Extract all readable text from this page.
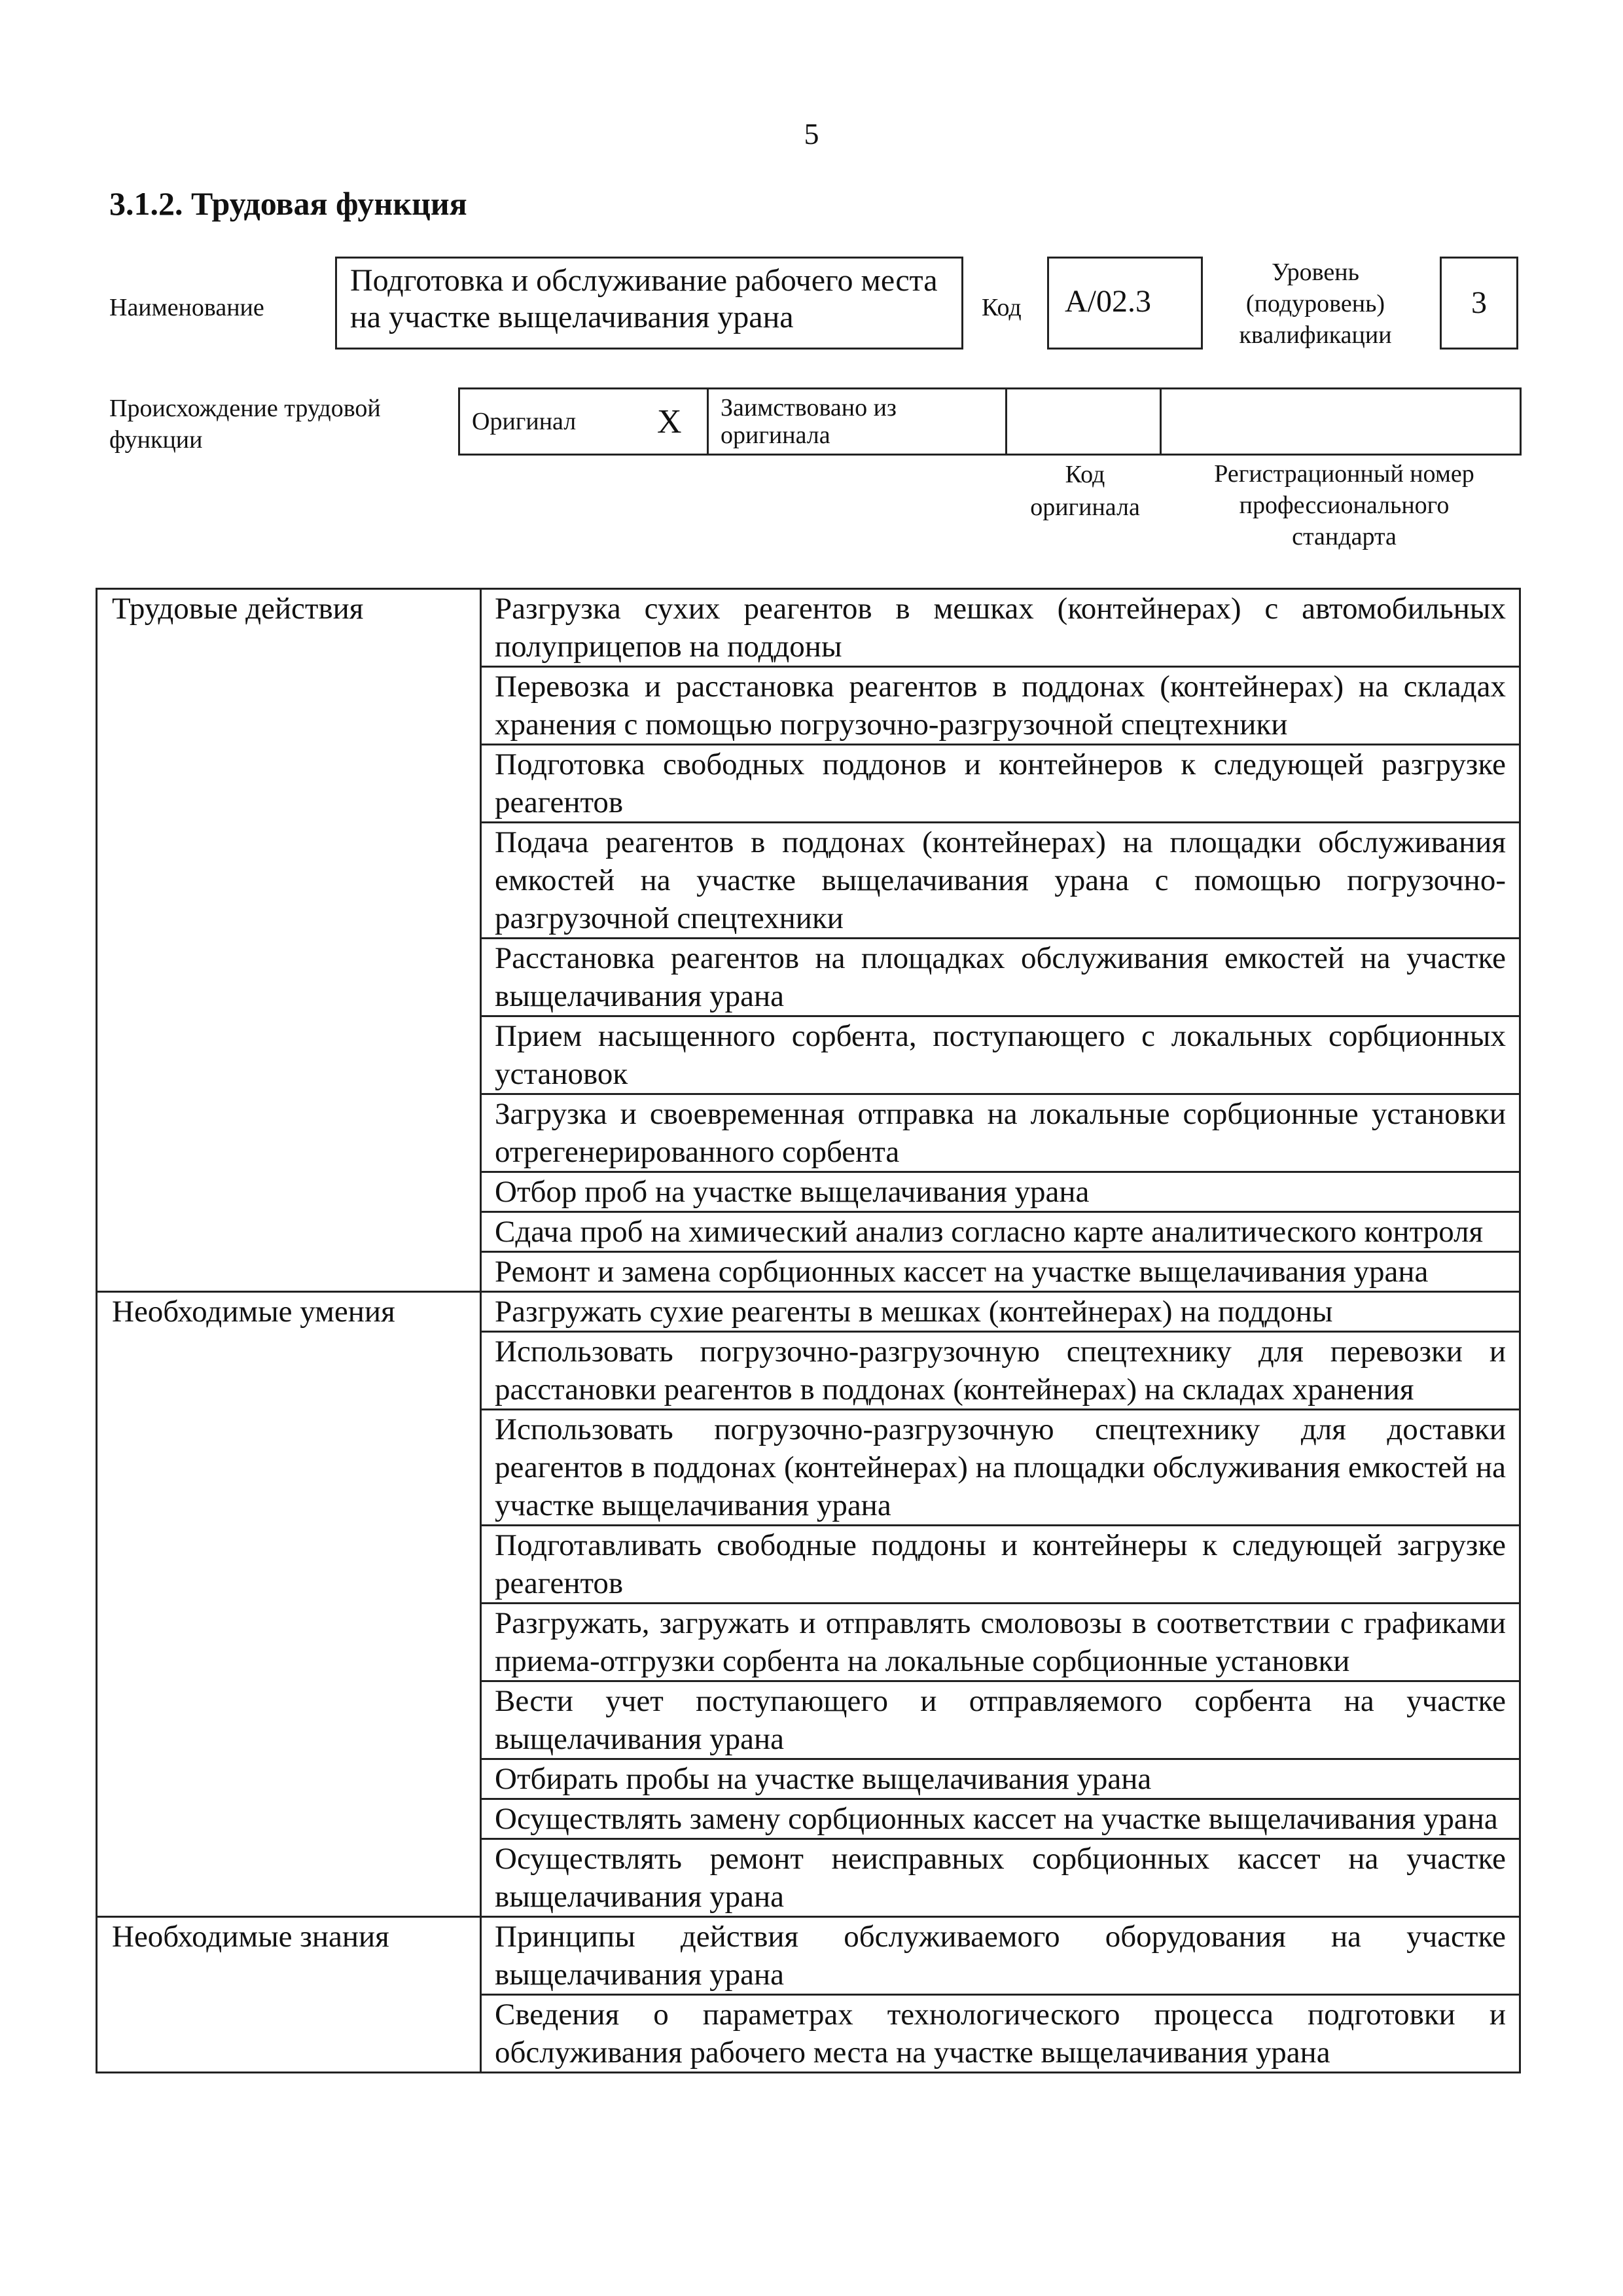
5
3.1.2. Трудовая функция
Наименование
Подготовка и обслуживание рабочего места на участке выщелачивания урана	Код	А/02.3
Уровень
(подуровень)
квалификации
3
Происхождение трудовой функции
Оригинал	X	Заимствовано из оригинала		
Код
оригинала
Регистрационный номер
профессионального
стандарта
Трудовые действия	Разгрузка сухих реагентов в мешках (контейнерах) с автомобильных полуприцепов на поддоны
	Перевозка и расстановка реагентов в поддонах (контейнерах) на складах хранения с помощью погрузочно-разгрузочной спецтехники
	Подготовка свободных поддонов и контейнеров к следующей разгрузке реагентов
	Подача реагентов в поддонах (контейнерах) на площадки обслуживания емкостей на участке выщелачивания урана с помощью погрузочно-разгрузочной спецтехники
	Расстановка реагентов на площадках обслуживания емкостей на участке выщелачивания урана
	Прием насыщенного сорбента, поступающего с локальных сорбционных установок
	Загрузка и своевременная отправка на локальные сорбционные установки отрегенерированного сорбента
	Отбор проб на участке выщелачивания урана
	Сдача проб на химический анализ согласно карте аналитического контроля
	Ремонт и замена сорбционных кассет на участке выщелачивания урана
Необходимые умения	Разгружать сухие реагенты в мешках (контейнерах) на поддоны
	Использовать погрузочно-разгрузочную спецтехнику для перевозки и расстановки реагентов в поддонах (контейнерах) на складах хранения
	Использовать погрузочно-разгрузочную спецтехнику для доставки реагентов в поддонах (контейнерах) на площадки обслуживания емкостей на участке выщелачивания урана
	Подготавливать свободные поддоны и контейнеры к следующей загрузке реагентов
	Разгружать, загружать и отправлять смоловозы в соответствии с графиками приема-отгрузки сорбента на локальные сорбционные установки
	Вести учет поступающего и отправляемого сорбента на участке выщелачивания урана
	Отбирать пробы на участке выщелачивания урана
	Осуществлять замену сорбционных кассет на участке выщелачивания урана
	Осуществлять ремонт неисправных сорбционных кассет на участке выщелачивания урана
Необходимые знания	Принципы действия обслуживаемого оборудования на участке выщелачивания урана
	Сведения о параметрах технологического процесса подготовки и обслуживания рабочего места на участке выщелачивания урана
